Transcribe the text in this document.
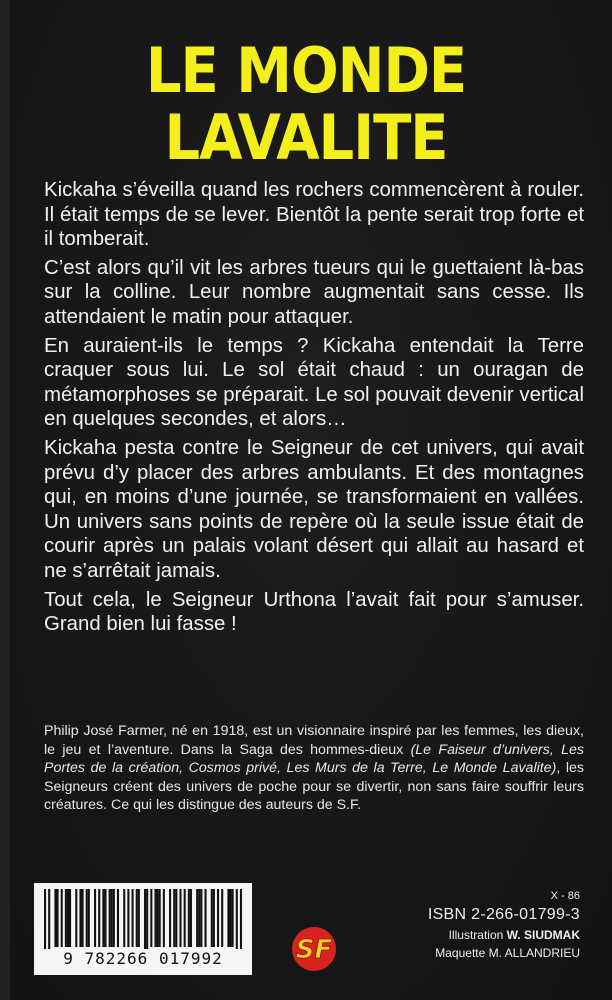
LE MONDE
LAVALITE

Kickaha s’éveilla quand les rochers commencèrent à rouler. Il était temps de se lever. Bientôt la pente serait trop forte et il tomberait.

C’est alors qu’il vit les arbres tueurs qui le guettaient là-bas sur la colline. Leur nombre augmentait sans cesse. Ils attendaient le matin pour attaquer.

En auraient-ils le temps ? Kickaha entendait la Terre craquer sous lui. Le sol était chaud : un ouragan de métamorphoses se préparait. Le sol pouvait devenir vertical en quelques secondes, et alors…

Kickaha pesta contre le Seigneur de cet univers, qui avait prévu d’y placer des arbres ambulants. Et des montagnes qui, en moins d’une journée, se transformaient en vallées. Un univers sans points de repère où la seule issue était de courir après un palais volant désert qui allait au hasard et ne s’arrêtait jamais.

Tout cela, le Seigneur Urthona l’avait fait pour s’amuser. Grand bien lui fasse !

Philip José Farmer, né en 1918, est un visionnaire inspiré par les femmes, les dieux, le jeu et l’aventure. Dans la Saga des hommes-dieux (Le Faiseur d’univers, Les Portes de la création, Cosmos privé, Les Murs de la Terre, Le Monde Lavalite), les Seigneurs créent des univers de poche pour se divertir, non sans faire souffrir leurs créatures. Ce qui les distingue des auteurs de S.F.
9 782266 017992	SF
X - 86
ISBN 2-266-01799-3
Illustration W. SIUDMAK
Maquette M. ALLANDRIEU
